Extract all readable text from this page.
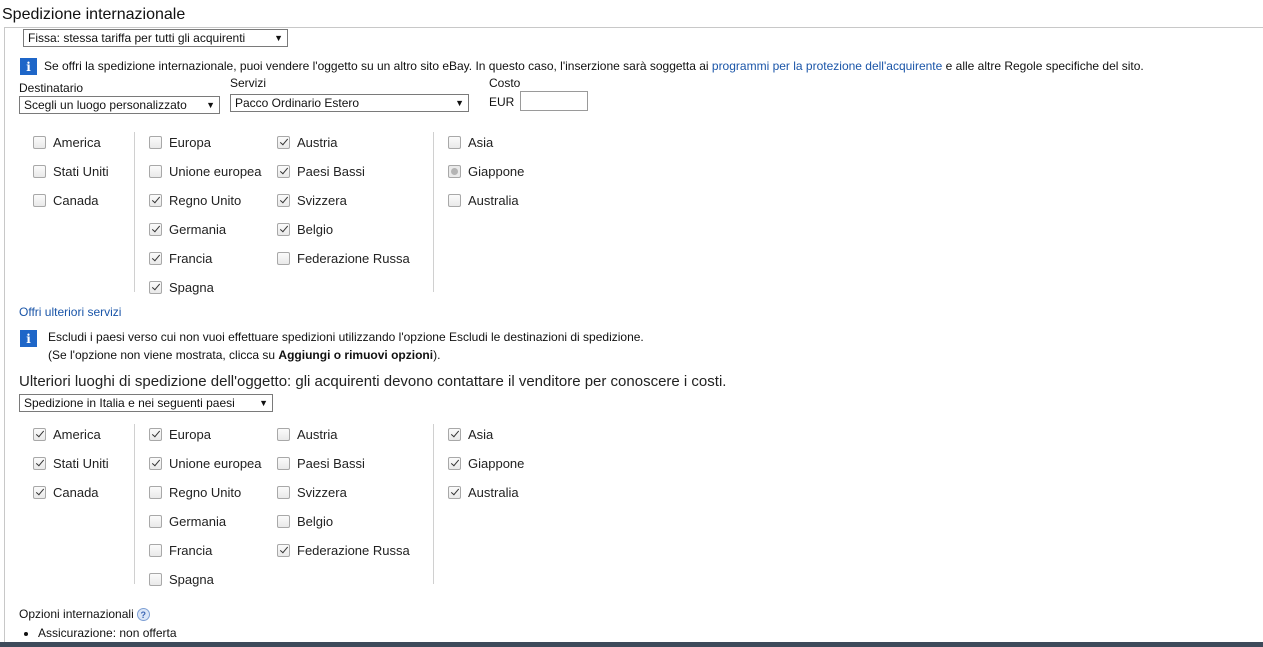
Spedizione internazionale
Fissa: stessa tariffa per tutti gli acquirenti	▼
i	Se offri la spedizione internazionale, puoi vendere l'oggetto su un altro sito eBay. In questo caso, l'inserzione sarà soggetta ai programmi per la protezione dell'acquirente e alle altre Regole specifiche del sito.
Destinatario
Scegli un luogo personalizzato ▼
Servizi
Pacco Ordinario Estero	▼
Costo
EUR
America
Stati Uniti
Canada
Europa
Unione europea
Regno Unito
Germania
Francia
Spagna
Austria
Paesi Bassi
Svizzera
Belgio
Federazione Russa
Asia
Giappone
Australia
Offri ulteriori servizi
i	Escludi i paesi verso cui non vuoi effettuare spedizioni utilizzando l'opzione Escludi le destinazioni di spedizione.
(Se l'opzione non viene mostrata, clicca su Aggiungi o rimuovi opzioni).
Ulteriori luoghi di spedizione dell'oggetto: gli acquirenti devono contattare il venditore per conoscere i costi.
Spedizione in Italia e nei seguenti paesi	▼
America
Stati Uniti
Canada
Europa
Unione europea
Regno Unito
Germania
Francia
Spagna
Austria
Paesi Bassi
Svizzera
Belgio
Federazione Russa
Asia
Giappone
Australia
Opzioni internazionali ?
Assicurazione: non offerta
